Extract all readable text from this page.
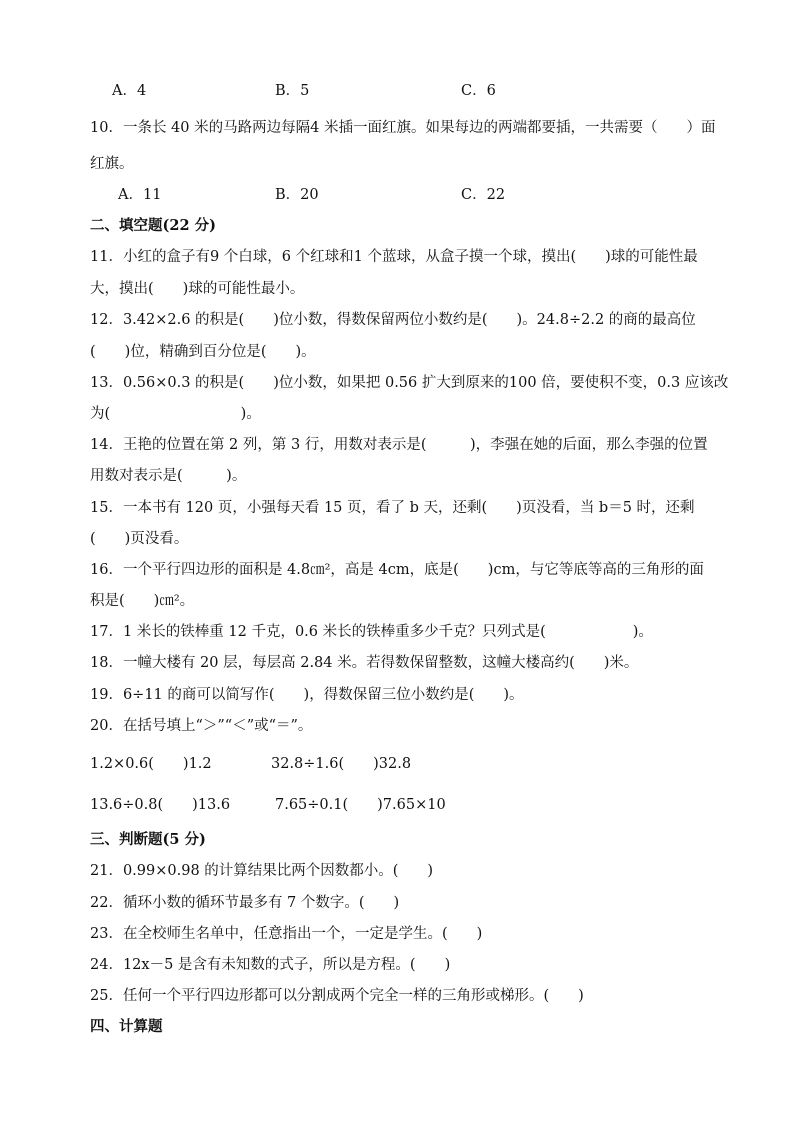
A．4	B．5	C．6
10．一条长 40 米的马路两边每隔4 米插一面红旗。如果每边的两端都要插，一共需要（　　）面
红旗。
A．11	B．20	C．22
二、填空题(22 分)
11．小红的盒子有9 个白球，6 个红球和1 个蓝球，从盒子摸一个球，摸出(　　)球的可能性最
大，摸出(　　)球的可能性最小。
12．3.42×2.6 的积是(　　)位小数，得数保留两位小数约是(　　)。24.8÷2.2 的商的最高位
(　　)位，精确到百分位是(　　)。
13．0.56×0.3 的积是(　　)位小数，如果把 0.56 扩大到原来的100 倍，要使积不变，0.3 应该改
为(　　　　　　　　　)。
14．王艳的位置在第 2 列，第 3 行，用数对表示是(　　　)，李强在她的后面，那么李强的位置
用数对表示是(　　　)。
15．一本书有 120 页，小强每天看 15 页，看了 b 天，还剩(　　)页没看，当 b＝5 时，还剩
(　　)页没看。
16．一个平行四边形的面积是 4.8㎝²，高是 4cm，底是(　　)cm，与它等底等高的三角形的面
积是(　　)㎝²。
17．1 米长的铁棒重 12 千克，0.6 米长的铁棒重多少千克？只列式是(　　　　　　)。
18．一幢大楼有 20 层，每层高 2.84 米。若得数保留整数，这幢大楼高约(　　)米。
19．6÷11 的商可以简写作(　　)，得数保留三位小数约是(　　)。
20．在括号填上“＞”“＜”或“＝”。
1.2×0.6(　　)1.2	32.8÷1.6(　　)32.8
13.6÷0.8(　　)13.6	7.65÷0.1(　　)7.65×10
三、判断题(5 分)
21．0.99×0.98 的计算结果比两个因数都小。(　　)
22．循环小数的循环节最多有 7 个数字。(　　)
23．在全校师生名单中，任意指出一个，一定是学生。(　　)
24．12x－5 是含有未知数的式子，所以是方程。(　　)
25．任何一个平行四边形都可以分割成两个完全一样的三角形或梯形。(　　)
四、计算题
